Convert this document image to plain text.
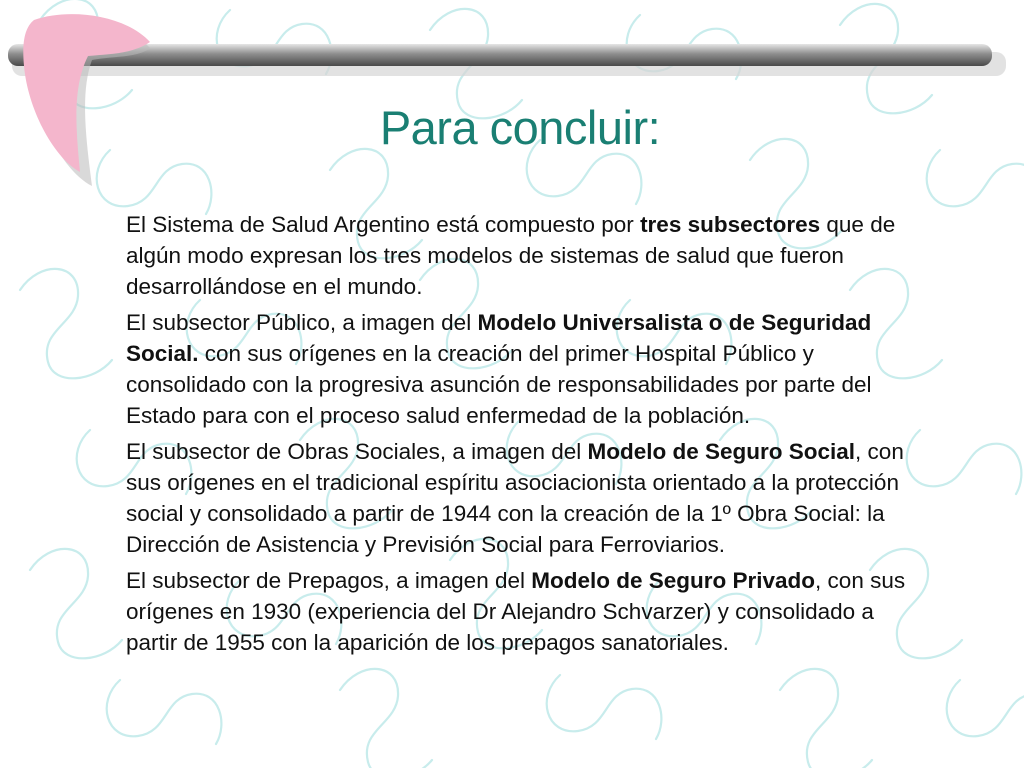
Para concluir:

El Sistema de Salud Argentino está compuesto por tres subsectores que de algún modo expresan los tres modelos de sistemas de salud que fueron desarrollándose en el mundo.

El subsector Público, a imagen del Modelo Universalista o de Seguridad Social. con sus orígenes en la creación del primer Hospital Público y consolidado con la progresiva asunción de responsabilidades por parte del Estado para con el proceso salud enfermedad de la población.

El subsector de Obras Sociales, a imagen del Modelo de Seguro Social, con sus orígenes en el tradicional espíritu asociacionista orientado a la protección social y consolidado a partir de 1944 con la creación de la 1º Obra Social: la Dirección de Asistencia y Previsión Social para Ferroviarios.

El subsector de Prepagos, a imagen del Modelo de Seguro Privado, con sus orígenes en 1930 (experiencia del Dr Alejandro Schvarzer) y consolidado a partir de 1955 con la aparición de los prepagos sanatoriales.
